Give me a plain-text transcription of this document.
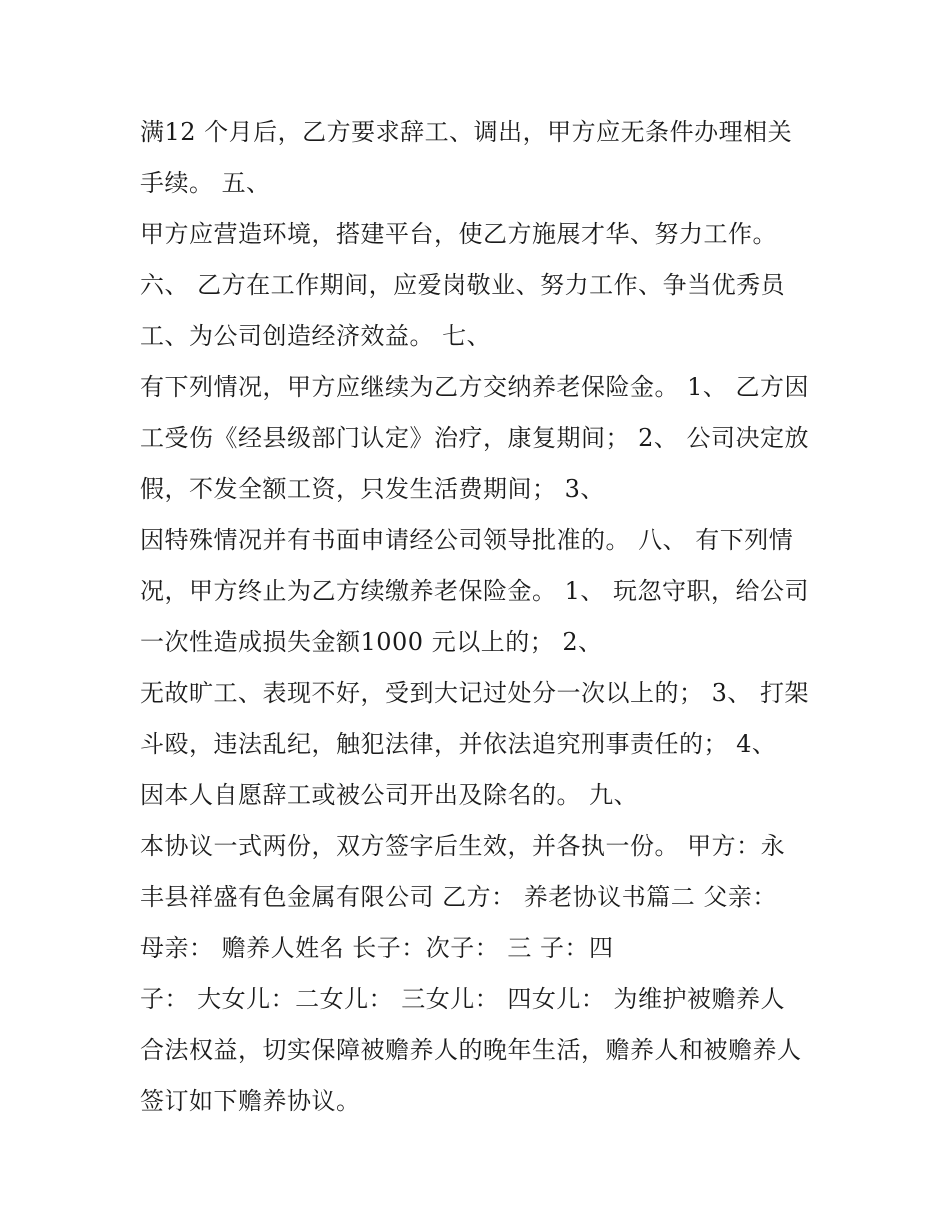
满12 个月后，乙方要求辞工、调出，甲方应无条件办理相关
手续。 五、
甲方应营造环境，搭建平台，使乙方施展才华、努力工作。
六、 乙方在工作期间，应爱岗敬业、努力工作、争当优秀员
工、为公司创造经济效益。 七、
有下列情况，甲方应继续为乙方交纳养老保险金。 1、 乙方因
工受伤《经县级部门认定》治疗，康复期间； 2、 公司决定放
假，不发全额工资，只发生活费期间； 3、
因特殊情况并有书面申请经公司领导批准的。 八、 有下列情
况，甲方终止为乙方续缴养老保险金。 1、 玩忽守职，给公司
一次性造成损失金额1000 元以上的； 2、
无故旷工、表现不好，受到大记过处分一次以上的； 3、 打架
斗殴，违法乱纪，触犯法律，并依法追究刑事责任的； 4、
因本人自愿辞工或被公司开出及除名的。 九、
本协议一式两份，双方签字后生效，并各执一份。 甲方：永
丰县祥盛有色金属有限公司 乙方： 养老协议书篇二 父亲：
母亲： 赡养人姓名 长子：次子： 三 子：四
子： 大女儿：二女儿： 三女儿： 四女儿： 为维护被赡养人
合法权益，切实保障被赡养人的晚年生活，赡养人和被赡养人
签订如下赡养协议。
